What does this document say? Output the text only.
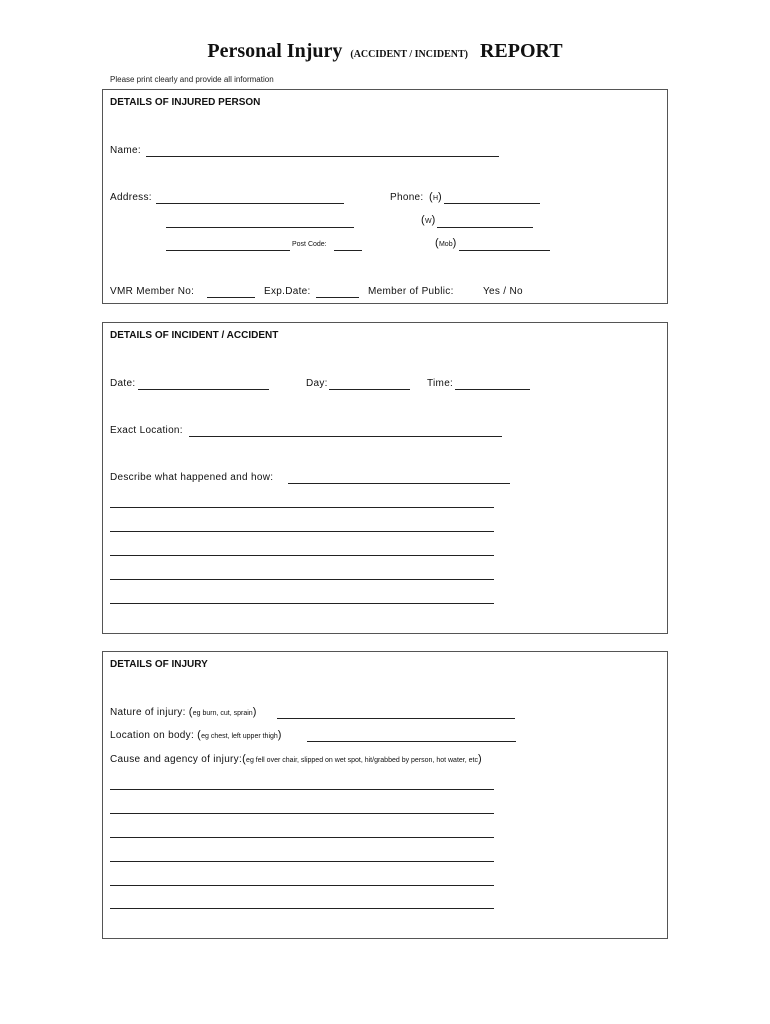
Personal Injury (ACCIDENT / INCIDENT) REPORT
Please print clearly and provide all information
DETAILS OF INJURED PERSON
Name:
Address:
Post Code:
Phone: (H)
(W)
(Mob)
VMR Member No:	Exp.Date:	Member of Public:	Yes / No
DETAILS OF INCIDENT / ACCIDENT
Date:	Day:	Time:
Exact Location:
Describe what happened and how:
DETAILS OF INJURY
Nature of injury: (eg burn, cut, sprain)
Location on body: (eg chest, left upper thigh)
Cause and agency of injury:(eg fell over chair, slipped on wet spot, hit/grabbed by person, hot water, etc)
